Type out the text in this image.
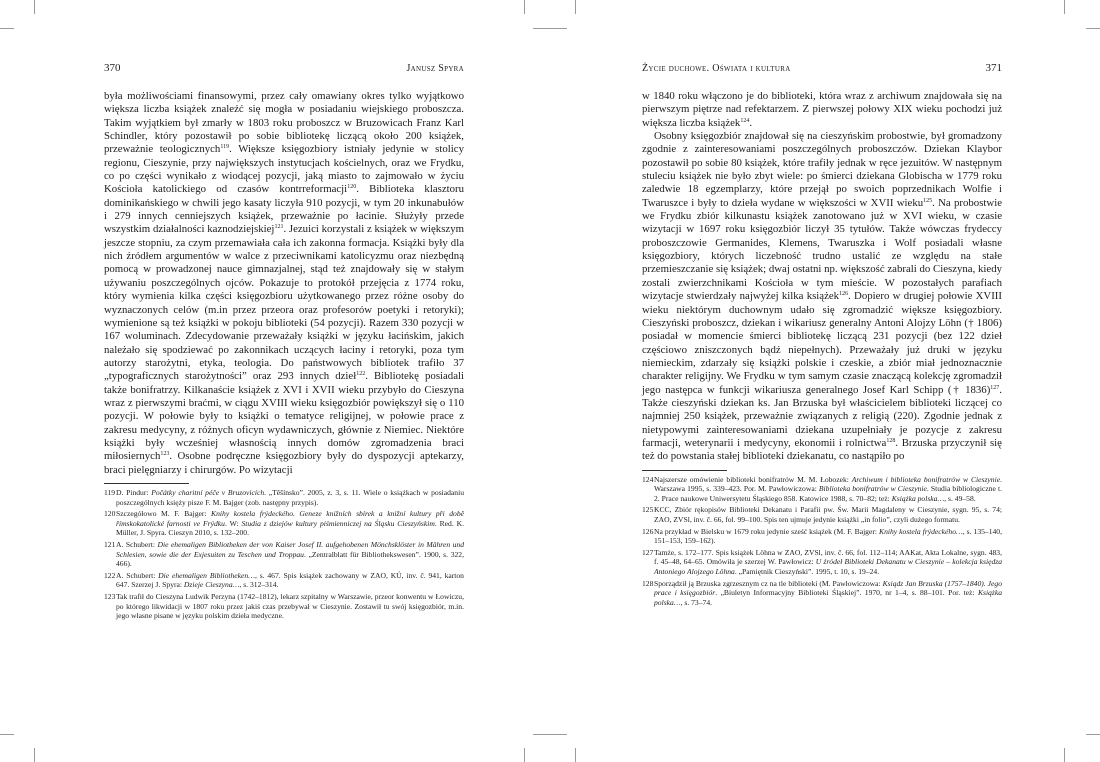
370	Janusz Spyra

była możliwościami finansowymi, przez cały omawiany okres tylko wyjątkowo większa liczba książek znaleźć się mogła w posiadaniu wiejskiego proboszcza. Takim wyjątkiem był zmarły w 1803 roku proboszcz w Bruzowicach Franz Karl Schindler, który pozostawił po sobie bibliotekę liczącą około 200 książek, przeważnie teologicznych$^{119}$. Większe księgozbiory istniały jedynie w stolicy regionu, Cieszynie, przy największych instytucjach kościelnych, oraz we Frydku, co po części wynikało z wiodącej pozycji, jaką miasto to zajmowało w życiu Kościoła katolickiego od czasów kontrreformacji$^{120}$. Biblioteka klasztoru dominikańskiego w chwili jego kasaty liczyła 910 pozycji, w tym 20 inkunabułów i 279 innych cenniejszych książek, przeważnie po łacinie. Służyły przede wszystkim działalności kaznodziejskiej$^{121}$. Jezuici korzystali z książek w większym jeszcze stopniu, za czym przemawiała cała ich zakonna formacja. Książki były dla nich źródłem argumentów w walce z przeciwnikami katolicyzmu oraz niezbędną pomocą w prowadzonej nauce gimnazjalnej, stąd też znajdowały się w stałym używaniu poszczególnych ojców. Pokazuje to protokół przejęcia z 1774 roku, który wymienia kilka części księgozbioru użytkowanego przez różne osoby do wyznaczonych celów (m.in przez przeora oraz profesorów poetyki i retoryki); wymienione są też książki w pokoju biblioteki (54 pozycji). Razem 330 pozycji w 167 woluminach. Zdecydowanie przeważały książki w języku łacińskim, jakich należało się spodziewać po zakonnikach uczących łaciny i retoryki, poza tym autorzy starożytni, etyka, teologia. Do państwowych bibliotek trafiło 37 „typograficznych starożytności” oraz 293 innych dzieł$^{122}$. Bibliotekę posiadali także bonifratrzy. Kilkanaście książek z XVI i XVII wieku przybyło do Cieszyna wraz z pierwszymi braćmi, w ciągu XVIII wieku księgozbiór powiększył się o 110 pozycji. W połowie były to książki o tematyce religijnej, w połowie prace z zakresu medycyny, z różnych oficyn wydawniczych, głównie z Niemiec. Niektóre książki były wcześniej własnością innych domów zgromadzenia braci miłosiernych$^{123}$. Osobne podręczne księgozbiory były do dyspozycji aptekarzy, braci pielęgniarzy i chirurgów. Po wizytacji

119D. Pindur: Počátky charitní péče v Bruzovicích. „Těšínsko”. 2005, z. 3, s. 11. Wiele o książkach w posiadaniu poszczególnych księży pisze F. M. Bajger (zob. następny przypis).
120Szczegółowo M. F. Bajger: Knihy kostela frýdeckého. Geneze knižních sbírek a knižní kultury při době římskokatolické farnosti ve Frýdku. W: Studia z dziejów kultury piśmienniczej na Śląsku Cieszyńskim. Red. K. Müller, J. Spyra. Cieszyn 2010, s. 132–200.
121A. Schubert: Die ehemaligen Bibliotheken der von Kaiser Josef II. aufgehobenen Mönchsklöster in Mähren und Schlesien, sowie die der Exjesuiten zu Teschen und Troppau. „Zentralblatt für Bibliothekswesen”. 1900, s. 322, 466).
122A. Schubert: Die ehemaligen Bibliotheken…, s. 467. Spis książek zachowany w ZAO, KÚ, inv. č. 941, karton 647. Szerzej J. Spyra: Dzieje Cieszyna…, s. 312–314.
123Tak trafił do Cieszyna Ludwik Perzyna (1742–1812), lekarz szpitalny w Warszawie, przeor konwentu w Łowiczu, po którego likwidacji w 1807 roku przez jakiś czas przebywał w Cieszynie. Zostawił tu swój księgozbiór, m.in. jego własne pisane w języku polskim dzieła medyczne.
Życie duchowe. Oświata i kultura	371

w 1840 roku włączono je do biblioteki, która wraz z archiwum znajdowała się na pierwszym piętrze nad refektarzem. Z pierwszej połowy XIX wieku pochodzi już większa liczba książek$^{124}$.

Osobny księgozbiór znajdował się na cieszyńskim probostwie, był gromadzony zgodnie z zainteresowaniami poszczególnych proboszczów. Dziekan Klaybor pozostawił po sobie 80 książek, które trafiły jednak w ręce jezuitów. W następnym stuleciu książek nie było zbyt wiele: po śmierci dziekana Globischa w 1779 roku zaledwie 18 egzemplarzy, które przejął po swoich poprzednikach Wolfie i Twaruszce i były to dzieła wydane w większości w XVII wieku$^{125}$. Na probostwie we Frydku zbiór kilkunastu książek zanotowano już w XVI wieku, w czasie wizytacji w 1697 roku księgozbiór liczył 35 tytułów. Także wówczas frydeccy proboszczowie Germanides, Klemens, Twaruszka i Wolf posiadali własne księgozbiory, których liczebność trudno ustalić ze względu na stałe przemieszczanie się książek; dwaj ostatni np. większość zabrali do Cieszyna, kiedy zostali zwierzchnikami Kościoła w tym mieście. W pozostałych parafiach wizytacje stwierdzały najwyżej kilka książek$^{126}$. Dopiero w drugiej połowie XVIII wieku niektórym duchownym udało się zgromadzić większe księgozbiory. Cieszyński proboszcz, dziekan i wikariusz generalny Antoni Alojzy Löhn († 1806) posiadał w momencie śmierci bibliotekę liczącą 231 pozycji (bez 122 dzieł częściowo zniszczonych bądź niepełnych). Przeważały już druki w języku niemieckim, zdarzały się książki polskie i czeskie, a zbiór miał jednoznacznie charakter religijny. We Frydku w tym samym czasie znaczącą kolekcję zgromadził jego następca w funkcji wikariusza generalnego Josef Karl Schipp († 1836)$^{127}$. Także cieszyński dziekan ks. Jan Brzuska był właścicielem biblioteki liczącej co najmniej 250 książek, przeważnie związanych z religią (220). Zgodnie jednak z nietypowymi zainteresowaniami dziekana uzupełniały je pozycje z zakresu farmacji, weterynarii i medycyny, ekonomii i rolnictwa$^{128}$. Brzuska przyczynił się też do powstania stałej biblioteki dziekanatu, co nastąpiło po

124Najszersze omówienie biblioteki bonifratrów M. M. Łobozek: Archiwum i biblioteka bonifratrów w Cieszynie. Warszawa 1995, s. 339–423. Por. M. Pawłowiczowa: Biblioteka bonifratrów w Cieszynie. Studia bibliologiczne t. 2. Prace naukowe Uniwersytetu Śląskiego 858. Katowice 1988, s. 70–82; też: Książka polska…, s. 49–58.
125KCC, Zbiór rękopisów Biblioteki Dekanatu i Parafii pw. Św. Marii Magdaleny w Cieszynie, sygn. 95, s. 74; ZAO, ZVSl, inv. č. 66, fol. 99–100. Spis ten ujmuje jedynie książki „in folio”, czyli dużego formatu.
126Na przykład w Bielsku w 1679 roku jedynie sześć książek (M. F. Bajger: Knihy kostela frýdeckého…, s. 135–140, 151–153, 159–162).
127Tamże, s. 172–177. Spis książek Löhna w ZAO, ZVSl, inv. č. 66, fol. 112–114; AAKat, Akta Lokalne, sygn. 483, f. 45–48, 64–65. Omówiła je szerzej W. Pawłowicz: U źródeł Biblioteki Dekanatu w Cieszynie – kolekcja księdza Antoniego Alojzego Löhna. „Pamiętnik Cieszyński”. 1995, t. 10, s. 19–24.
128Sporządził ją Brzuska zgrzesznym cz na tle biblioteki (M. Pawłowiczowa: Ksiądz Jan Brzuska (1757–1840). Jego prace i księgozbiór. „Biuletyn Informacyjny Biblioteki Śląskiej”. 1970, nr 1–4, s. 88–101. Por. też: Książka polska…, s. 73–74.
